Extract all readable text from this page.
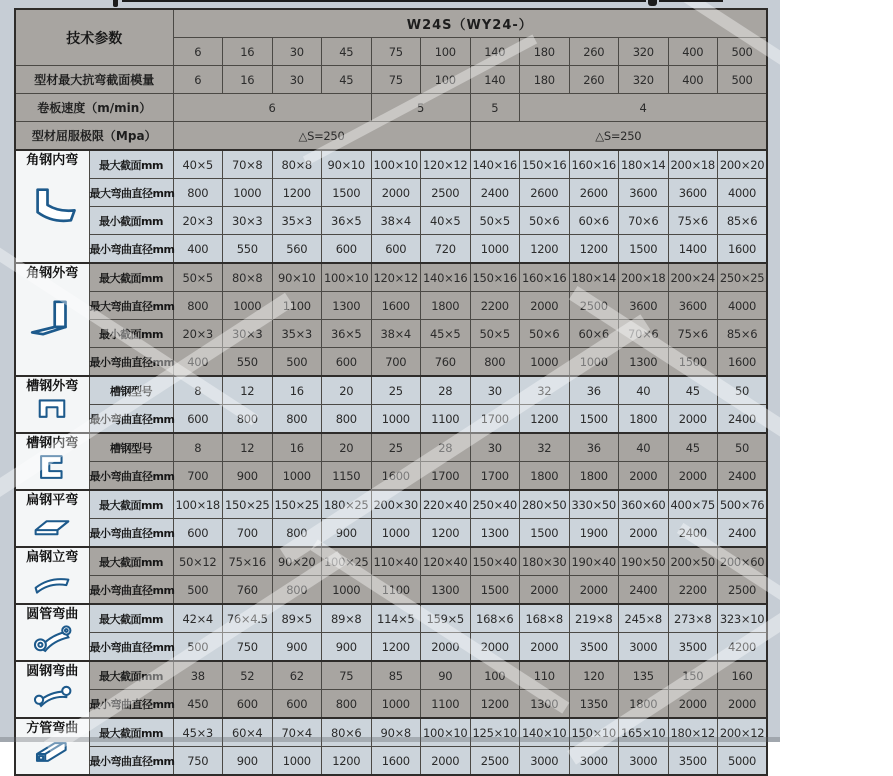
技术参数		W24S（WY24-）											
		6	16	30	45	75	100	140	180	260	320	400	500
型材最大抗弯截面模量		6	16	30	45	75	100	140	180	260	320	400	500
卷板速度（m/min）		6				5		5	4				
型材屈服极限（Mpa）		△S=250						△S=250					

角钢内弯	最大截面mm	40×5	70×8	80×8	90×10	100×10	120×12	140×16	150×16	160×16	180×14	200×18	200×20
	最大弯曲直径mm	800	1000	1200	1500	2000	2500	2400	2600	2600	3600	3600	4000
	最小截面mm	20×3	30×3	35×3	36×5	38×4	40×5	50×5	50×6	60×6	70×6	75×6	85×6
	最小弯曲直径mm	400	550	560	600	600	720	1000	1200	1200	1500	1400	1600

角钢外弯	最大截面mm	50×5	80×8	90×10	100×10	120×12	140×16	150×16	160×16	180×14	200×18	200×24	250×25
	最大弯曲直径mm	800	1000	1100	1300	1600	1800	2200	2000	2500	3600	3600	4000
	最小截面mm	20×3	30×3	35×3	36×5	38×4	45×5	50×5	50×6	60×6	70×6	75×6	85×6
	最小弯曲直径mm	400	550	500	600	700	760	800	1000	1000	1300	1500	1600

槽钢外弯	槽钢型号	8	12	16	20	25	28	30	32	36	40	45	50
	最小弯曲直径mm	600	800	800	800	1000	1100	1700	1200	1500	1800	2000	2400

槽钢内弯	槽钢型号	8	12	16	20	25	28	30	32	36	40	45	50
	最小弯曲直径mm	700	900	1000	1150	1600	1700	1700	1800	1800	2000	2000	2400

扁钢平弯	最大截面mm	100×18	150×25	150×25	180×25	200×30	220×40	250×40	280×50	330×50	360×60	400×75	500×76
	最小弯曲直径mm	600	700	800	900	1000	1200	1300	1500	1900	2000	2400	2400

扁钢立弯	最大截面mm	50×12	75×16	90×20	100×25	110×40	120×40	150×40	180×30	190×40	190×50	200×50	200×60
	最小弯曲直径mm	500	760	800	1000	1100	1300	1500	2000	2000	2400	2200	2500

圆管弯曲	最大截面mm	42×4	76×4.5	89×5	89×8	114×5	159×5	168×6	168×8	219×8	245×8	273×8	323×10
	最小弯曲直径mm	500	750	900	900	1200	2000	2000	2000	3500	3000	3500	4200

圆钢弯曲	最大截面mm	38	52	62	75	85	90	100	110	120	135	150	160
	最小弯曲直径mm	450	600	600	800	1000	1100	1200	1300	1350	1800	2000	2000

方管弯曲	最大截面mm	45×3	60×4	70×4	80×6	90×8	100×10	125×10	140×10	150×10	165×10	180×12	200×12
	最小弯曲直径mm	750	900	1000	1200	1600	2000	2500	3000	3000	3000	3500	5000
